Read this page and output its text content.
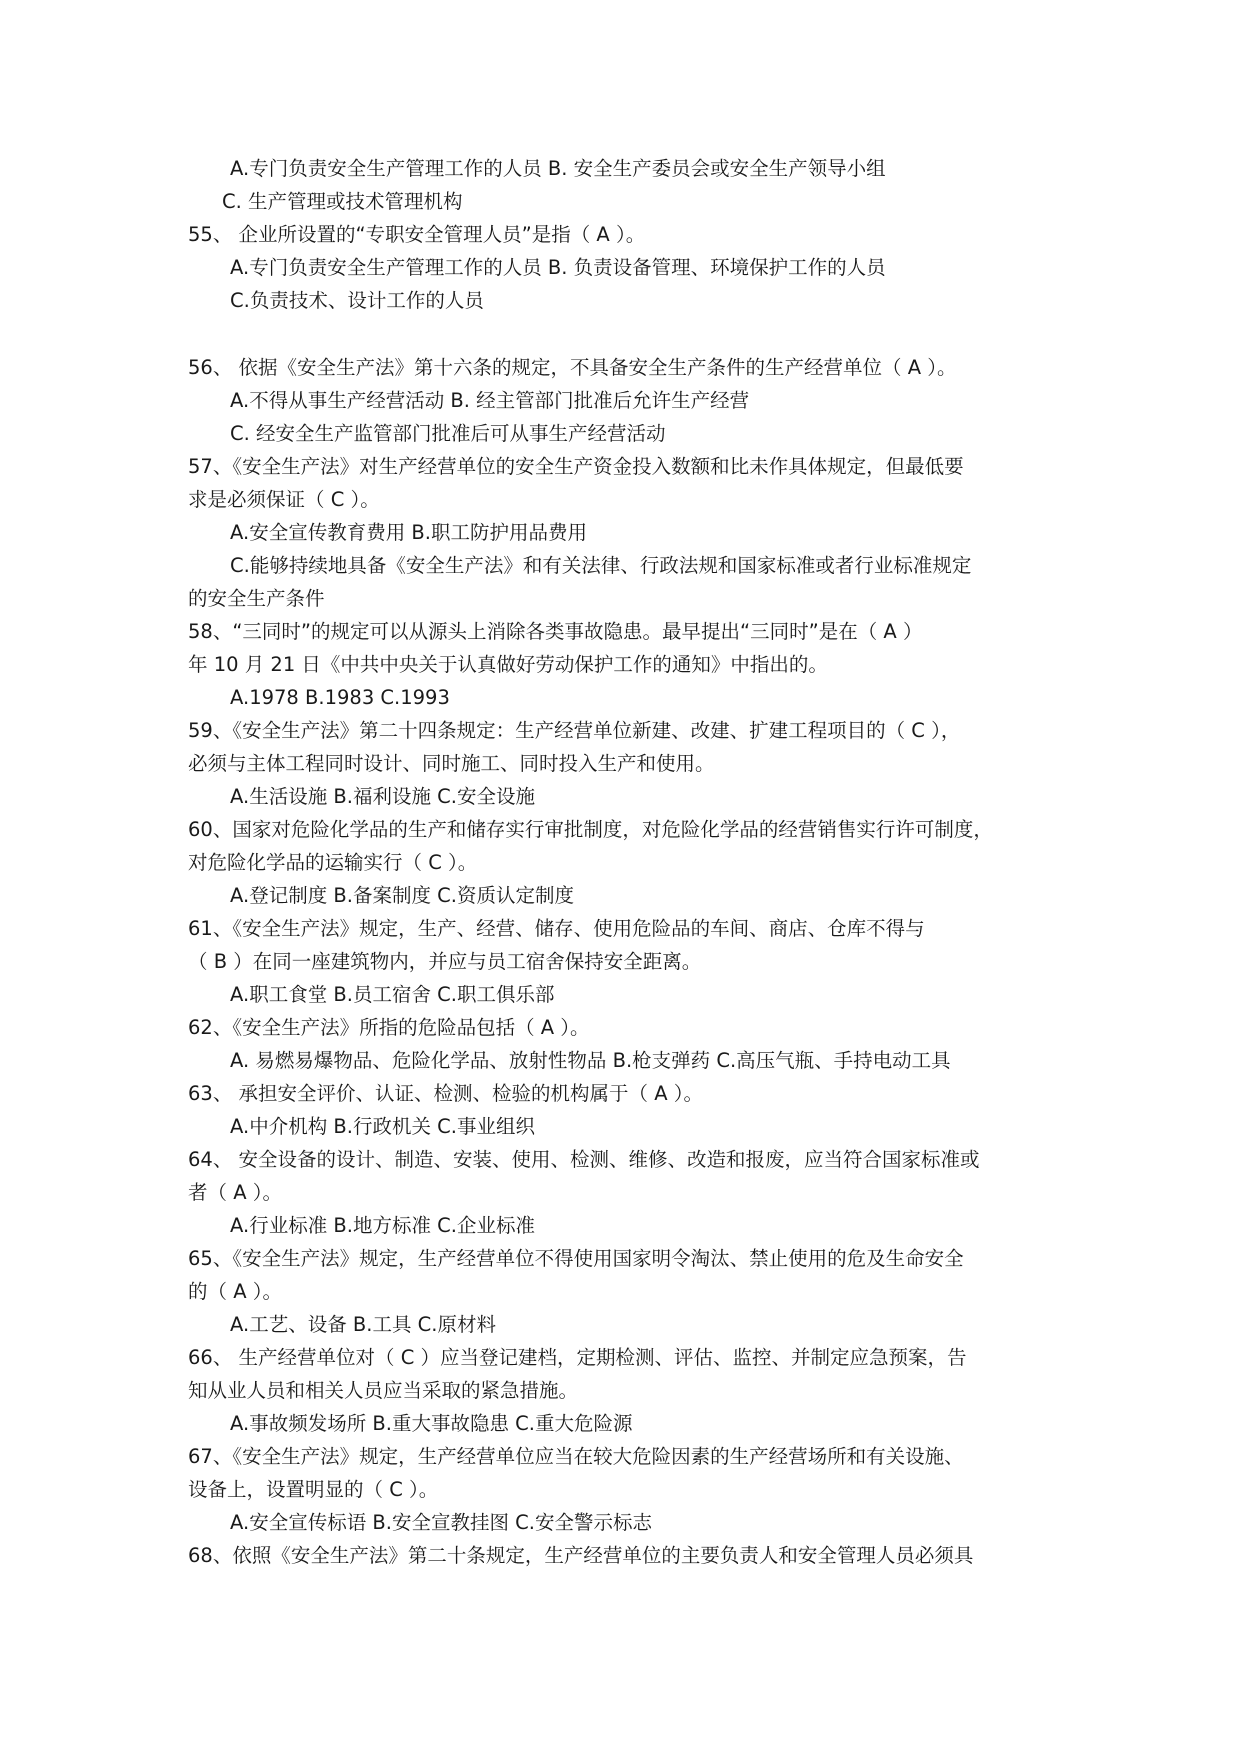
A.专门负责安全生产管理工作的人员 B. 安全生产委员会或安全生产领导小组
C. 生产管理或技术管理机构
55、 企业所设置的“专职安全管理人员”是指（ A ）。
A.专门负责安全生产管理工作的人员 B. 负责设备管理、环境保护工作的人员
C.负责技术、设计工作的人员
56、 依据《安全生产法》第十六条的规定，不具备安全生产条件的生产经营单位（ A ）。
A.不得从事生产经营活动 B. 经主管部门批准后允许生产经营
C. 经安全生产监管部门批准后可从事生产经营活动
57、《安全生产法》对生产经营单位的安全生产资金投入数额和比未作具体规定，但最低要
求是必须保证（ C ）。
A.安全宣传教育费用 B.职工防护用品费用
C.能够持续地具备《安全生产法》和有关法律、行政法规和国家标准或者行业标准规定
的安全生产条件
58、“三同时”的规定可以从源头上消除各类事故隐患。最早提出“三同时”是在（ A ）
年 10 月 21 日《中共中央关于认真做好劳动保护工作的通知》中指出的。
A.1978 B.1983 C.1993
59、《安全生产法》第二十四条规定：生产经营单位新建、改建、扩建工程项目的（ C ），
必须与主体工程同时设计、同时施工、同时投入生产和使用。
A.生活设施 B.福利设施 C.安全设施
60、国家对危险化学品的生产和储存实行审批制度，对危险化学品的经营销售实行许可制度，
对危险化学品的运输实行（ C ）。
A.登记制度 B.备案制度 C.资质认定制度
61、《安全生产法》规定，生产、经营、储存、使用危险品的车间、商店、仓库不得与
（ B ）在同一座建筑物内，并应与员工宿舍保持安全距离。
A.职工食堂 B.员工宿舍 C.职工俱乐部
62、《安全生产法》所指的危险品包括（ A ）。
A. 易燃易爆物品、危险化学品、放射性物品 B.枪支弹药 C.高压气瓶、手持电动工具
63、 承担安全评价、认证、检测、检验的机构属于（ A ）。
A.中介机构 B.行政机关 C.事业组织
64、 安全设备的设计、制造、安装、使用、检测、维修、改造和报废，应当符合国家标准或
者（ A ）。
A.行业标准 B.地方标准 C.企业标准
65、《安全生产法》规定，生产经营单位不得使用国家明令淘汰、禁止使用的危及生命安全
的（ A ）。
A.工艺、设备 B.工具 C.原材料
66、 生产经营单位对（ C ）应当登记建档，定期检测、评估、监控、并制定应急预案，告
知从业人员和相关人员应当采取的紧急措施。
A.事故频发场所 B.重大事故隐患 C.重大危险源
67、《安全生产法》规定，生产经营单位应当在较大危险因素的生产经营场所和有关设施、
设备上，设置明显的（ C ）。
A.安全宣传标语 B.安全宣教挂图 C.安全警示标志
68、依照《安全生产法》第二十条规定，生产经营单位的主要负责人和安全管理人员必须具
